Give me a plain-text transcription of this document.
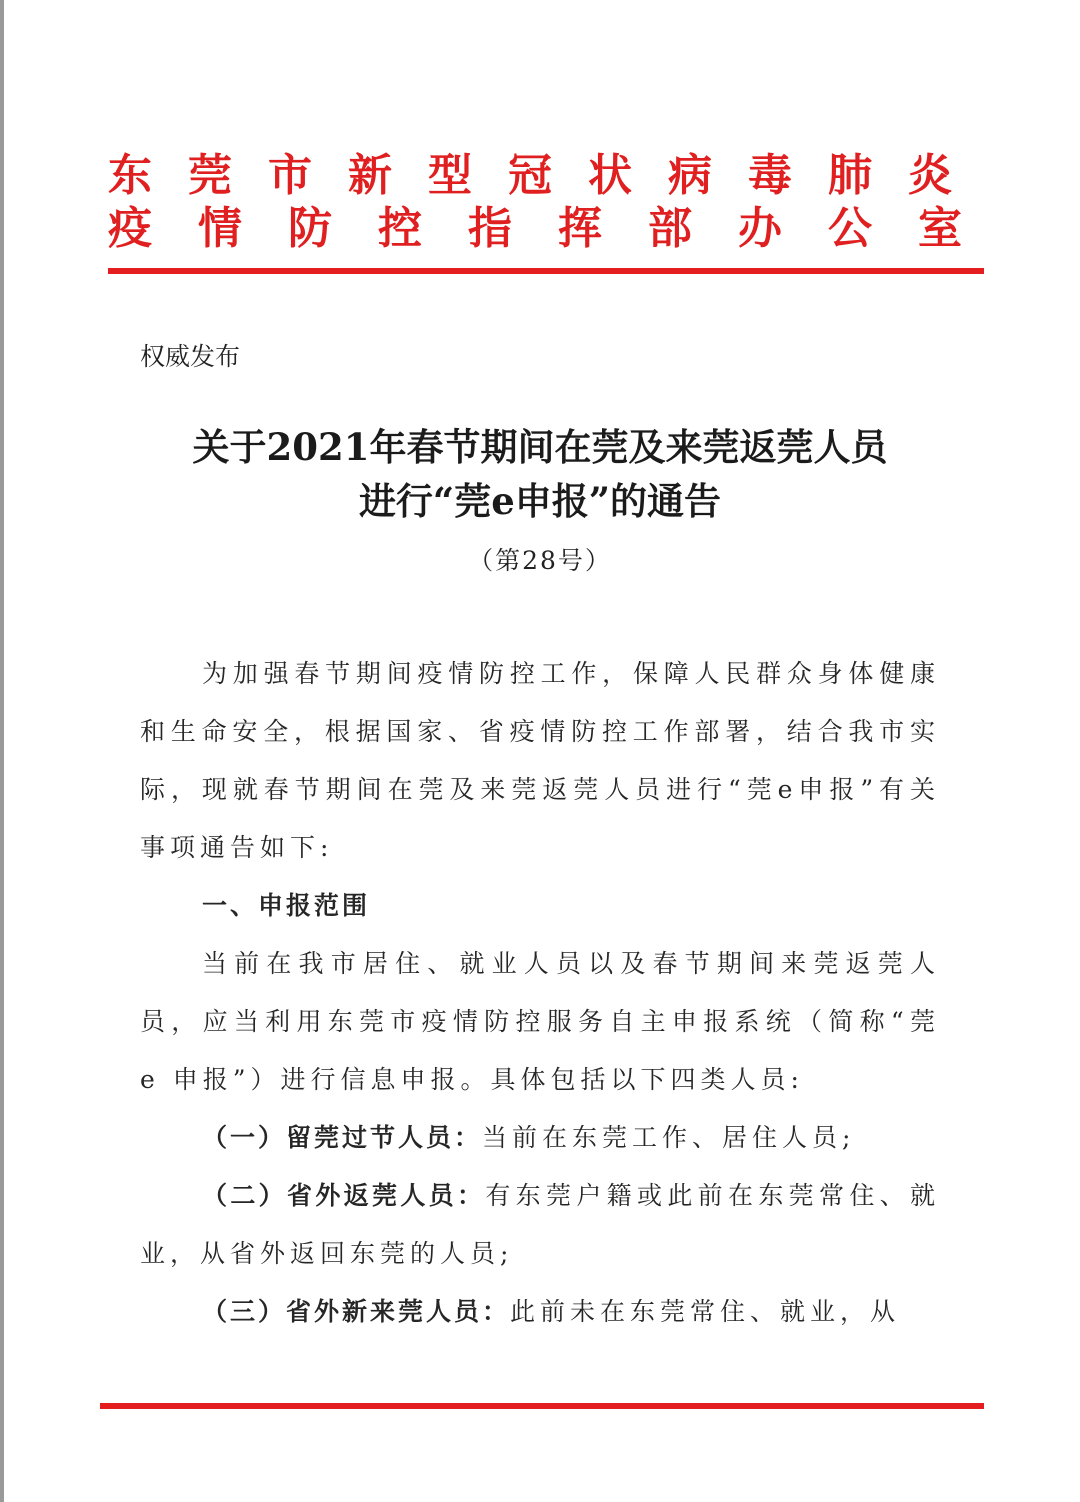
东莞市新型冠状病毒肺炎
疫情防控指挥部办公室
权威发布
关于2021年春节期间在莞及来莞返莞人员
进行“莞e申报”的通告
（第28号）

为加强春节期间疫情防控工作，保障人民群众身体健康和生命安全，根据国家、省疫情防控工作部署，结合我市实际，现就春节期间在莞及来莞返莞人员进行“莞e申报”有关事项通告如下:

一、申报范围

当前在我市居住、就业人员以及春节期间来莞返莞人员，应当利用东莞市疫情防控服务自主申报系统（简称“莞 e 申报”）进行信息申报。具体包括以下四类人员:

（一）留莞过节人员：当前在东莞工作、居住人员;

（二）省外返莞人员：有东莞户籍或此前在东莞常住、就业，从省外返回东莞的人员;

（三）省外新来莞人员：此前未在东莞常住、就业，从
